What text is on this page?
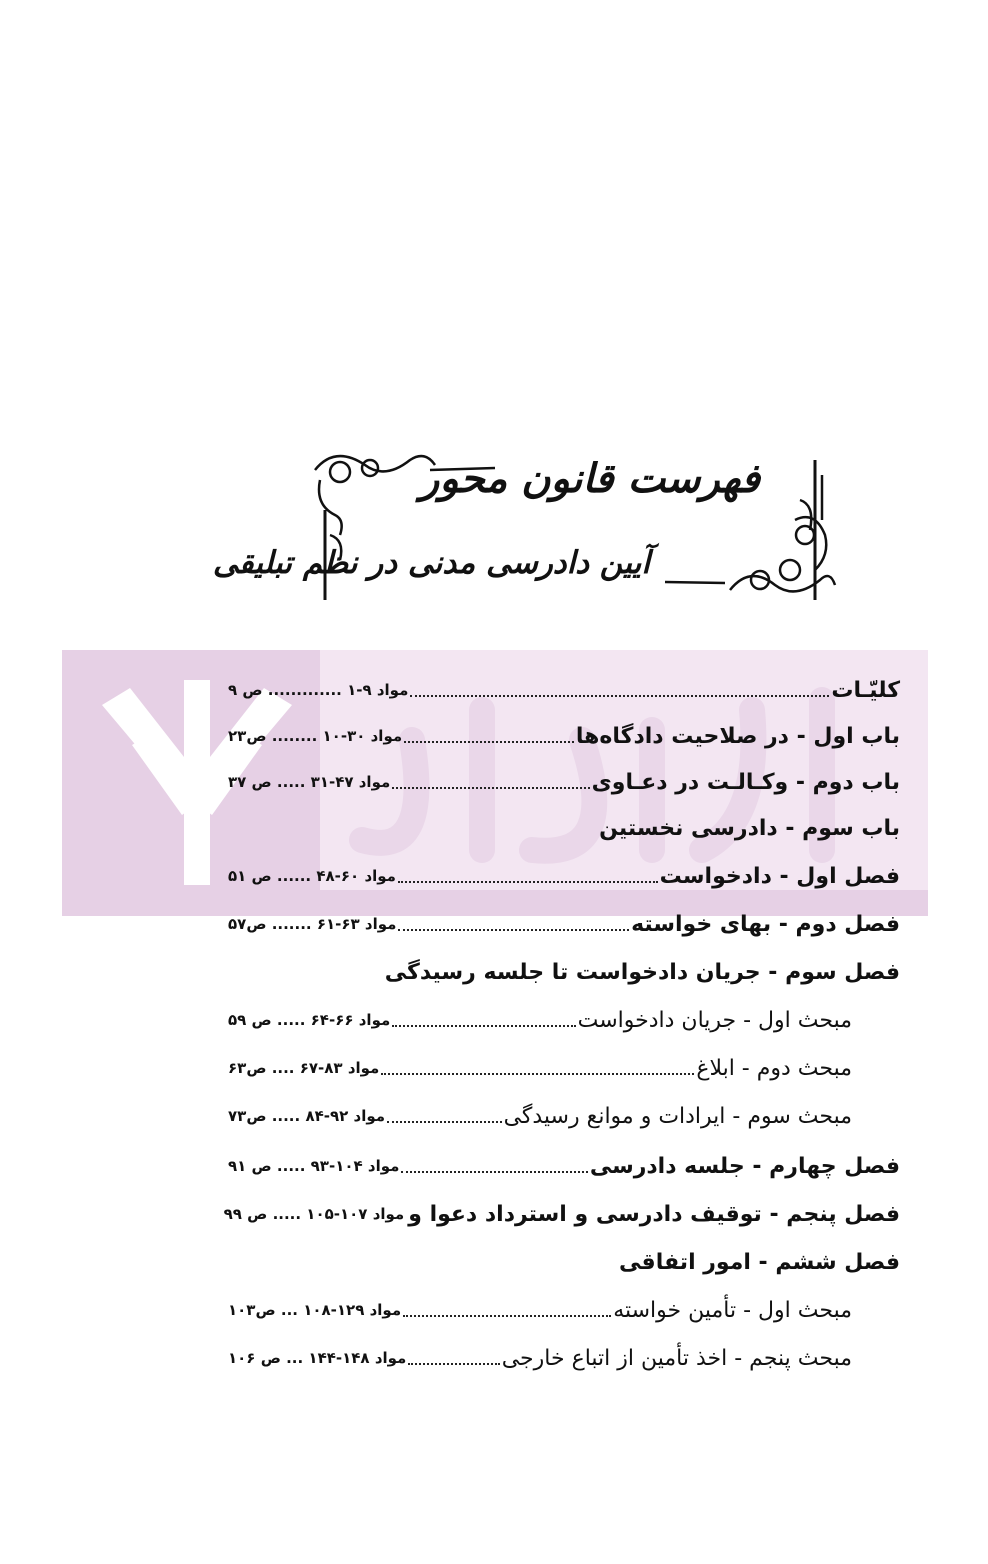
فهرست قانون محور
آیین دادرسی مدنی در نظم تبلیقی
کلیّـات
مواد ۹-۱ ............. ص ۹
باب اول - در صلاحیت دادگاه‌ها
مواد ۳۰-۱۰ ........ ص۲۳
باب دوم - وکـالـت در دعـاوی
مواد ۴۷-۳۱ ..... ص ۳۷
باب سوم - دادرسی نخستین
فصل اول - دادخواست
مواد ۶۰-۴۸ ...... ص ۵۱
فصل دوم - بهای خواسته
مواد ۶۳-۶۱ ....... ص۵۷
فصل سوم - جریان دادخواست تا جلسه رسیدگی
مبحث اول - جریان دادخواست
مواد ۶۶-۶۴ ..... ص ۵۹
مبحث دوم - ابلاغ
مواد ۸۳-۶۷ .... ص۶۳
مبحث سوم - ایرادات و موانع رسیدگی
مواد ۹۲-۸۴ ..... ص۷۳
فصل چهارم - جلسه دادرسی
مواد ۱۰۴-۹۳ ..... ص ۹۱
فصل پنجم - توقیف دادرسی و استرداد دعوا و
مواد ۱۰۷-۱۰۵ ..... ص ۹۹
فصل ششم - امور اتفاقی
مبحث اول - تأمین خواسته
مواد ۱۲۹-۱۰۸ ... ص۱۰۳
مبحث پنجم - اخذ تأمین از اتباع خارجی
مواد ۱۴۸-۱۴۴ ... ص ۱۰۶
